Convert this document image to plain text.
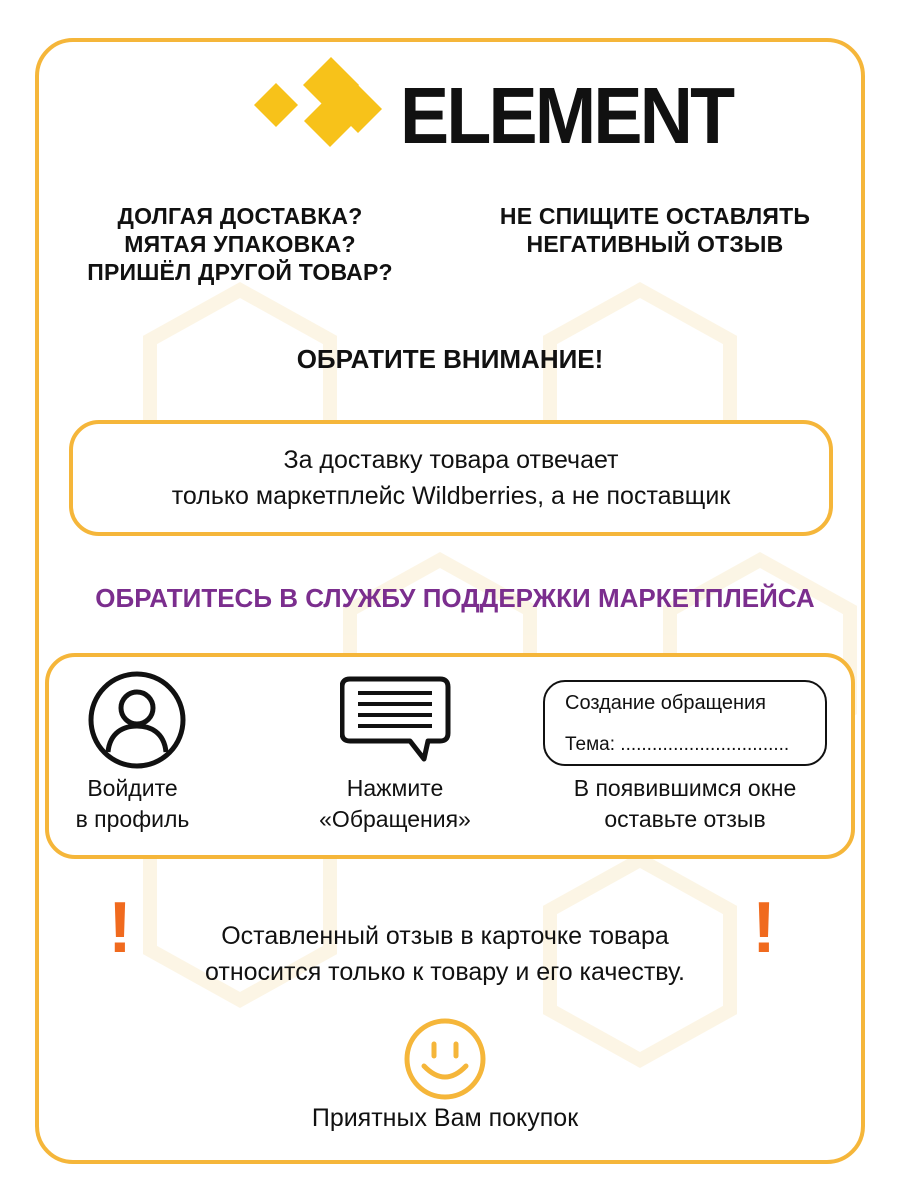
ELEMENT
ДОЛГАЯ ДОСТАВКА?
МЯТАЯ УПАКОВКА?
ПРИШЁЛ ДРУГОЙ ТОВАР?
НЕ СПИЩИТЕ ОСТАВЛЯТЬ
НЕГАТИВНЫЙ ОТЗЫВ
ОБРАТИТЕ ВНИМАНИЕ!
За доставку товара отвечает
только маркетплейс Wildberries, а не поставщик
ОБРАТИТЕСЬ В СЛУЖБУ ПОДДЕРЖКИ МАРКЕТПЛЕЙСА
Войдите
в профиль
Нажмите
«Обращения»
Создание обращения
Тема: ................................
В появившимся окне
оставьте отзыв
!	!
Оставленный отзыв в карточке товара
относится только к товару и его качеству.
Приятных Вам покупок
